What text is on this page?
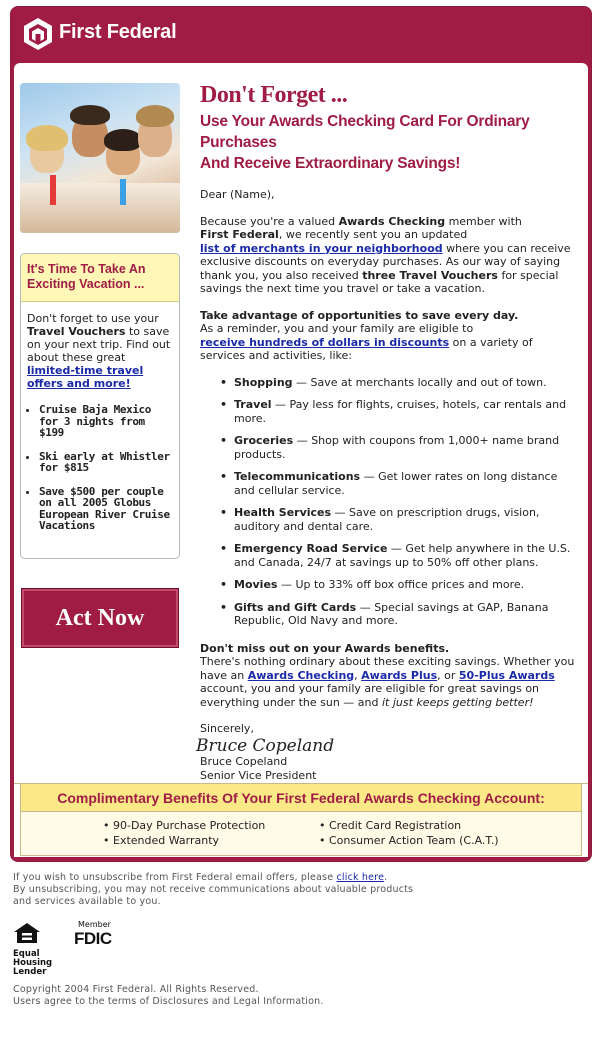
First Federal
It's Time To Take An Exciting Vacation ...
Don't forget to use your Travel Vouchers to save on your next trip. Find out about these great limited-time travel offers and more!
• Cruise Baja Mexico for 3 nights from $199
• Ski early at Whistler for $815
• Save $500 per couple on all 2005 Globus European River Cruise Vacations
Act Now
Don't Forget ...
Use Your Awards Checking Card For Ordinary Purchases
And Receive Extraordinary Savings!

Dear (Name),

Because you're a valued Awards Checking member with
First Federal, we recently sent you an updated
list of merchants in your neighborhood where you can receive exclusive discounts on everyday purchases. As our way of saying thank you, you also received three Travel Vouchers for special savings the next time you travel or take a vacation.

Take advantage of opportunities to save every day.
As a reminder, you and your family are eligible to
receive hundreds of dollars in discounts on a variety of services and activities, like:

• Shopping — Save at merchants locally and out of town.
• Travel — Pay less for flights, cruises, hotels, car rentals and more.
• Groceries — Shop with coupons from 1,000+ name brand products.
• Telecommunications — Get lower rates on long distance and cellular service.
• Health Services — Save on prescription drugs, vision, auditory and dental care.
• Emergency Road Service — Get help anywhere in the U.S. and Canada, 24/7 at savings up to 50% off other plans.
• Movies — Up to 33% off box office prices and more.
• Gifts and Gift Cards — Special savings at GAP, Banana Republic, Old Navy and more.

Don't miss out on your Awards benefits.
There's nothing ordinary about these exciting savings. Whether you have an Awards Checking, Awards Plus, or 50-Plus Awards account, you and your family are eligible for great savings on everything under the sun — and it just keeps getting better!

Sincerely,

Bruce Copeland
Bruce Copeland
Senior Vice President
Complimentary Benefits Of Your First Federal Awards Checking Account:
• 90-Day Purchase Protection
• Extended Warranty
• Credit Card Registration
• Consumer Action Team (C.A.T.)
If you wish to unsubscribe from First Federal email offers, please click here.
By unsubscribing, you may not receive communications about valuable products
and services available to you.
Equal
Housing
Lender
Member
FDIC
Copyright 2004 First Federal. All Rights Reserved.
Users agree to the terms of Disclosures and Legal Information.
